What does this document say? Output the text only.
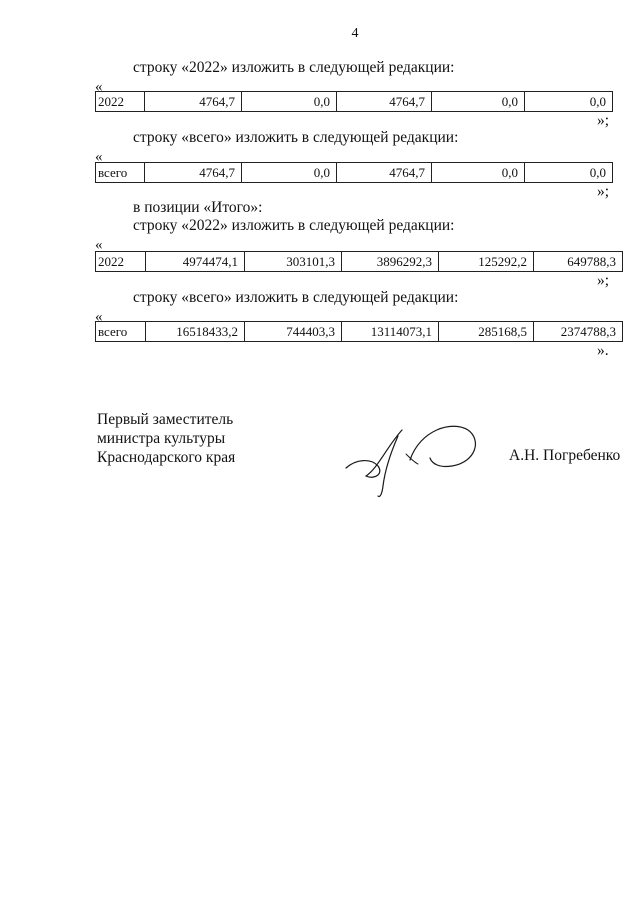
4
строку «2022» изложить в следующей редакции:
«
2022	4764,7	0,0	4764,7	0,0	0,0
»;
строку «всего» изложить в следующей редакции:
«
всего	4764,7	0,0	4764,7	0,0	0,0
»;
в позиции «Итого»:
строку «2022» изложить в следующей редакции:
«
2022	4974474,1	303101,3	3896292,3	125292,2	649788,3
»;
строку «всего» изложить в следующей редакции:
«
всего	16518433,2	744403,3	13114073,1	285168,5	2374788,3
».
Первый заместитель
министра культуры
Краснодарского края	А.Н. Погребенко
